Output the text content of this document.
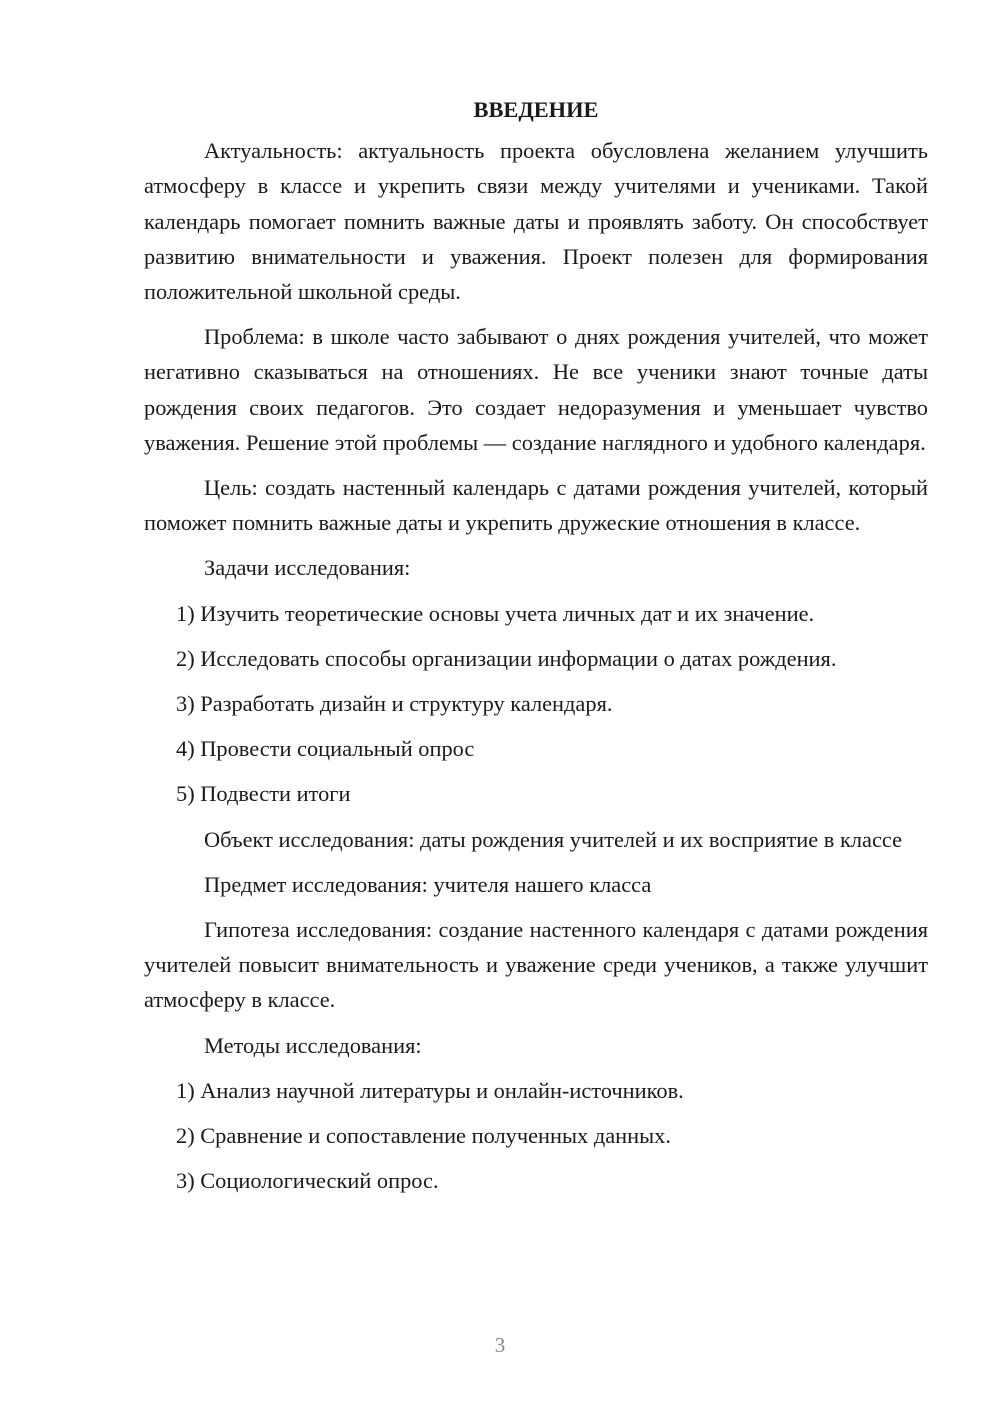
ВВЕДЕНИЕ

Актуальность: актуальность проекта обусловлена желанием улучшить атмосферу в классе и укрепить связи между учителями и учениками. Такой календарь помогает помнить важные даты и проявлять заботу. Он способствует развитию внимательности и уважения. Проект полезен для формирования положительной школьной среды.

Проблема: в школе часто забывают о днях рождения учителей, что может негативно сказываться на отношениях. Не все ученики знают точные даты рождения своих педагогов. Это создает недоразумения и уменьшает чувство уважения. Решение этой проблемы — создание наглядного и удобного календаря.

Цель: создать настенный календарь с датами рождения учителей, который поможет помнить важные даты и укрепить дружеские отношения в классе.

Задачи исследования:

1) Изучить теоретические основы учета личных дат и их значение.

2) Исследовать способы организации информации о датах рождения.

3) Разработать дизайн и структуру календаря.

4) Провести социальный опрос

5) Подвести итоги

Объект исследования: даты рождения учителей и их восприятие в классе

Предмет исследования: учителя нашего класса

Гипотеза исследования: создание настенного календаря с датами рождения учителей повысит внимательность и уважение среди учеников, а также улучшит атмосферу в классе.

Методы исследования:

1) Анализ научной литературы и онлайн-источников.

2) Сравнение и сопоставление полученных данных.

3) Социологический опрос.

3
